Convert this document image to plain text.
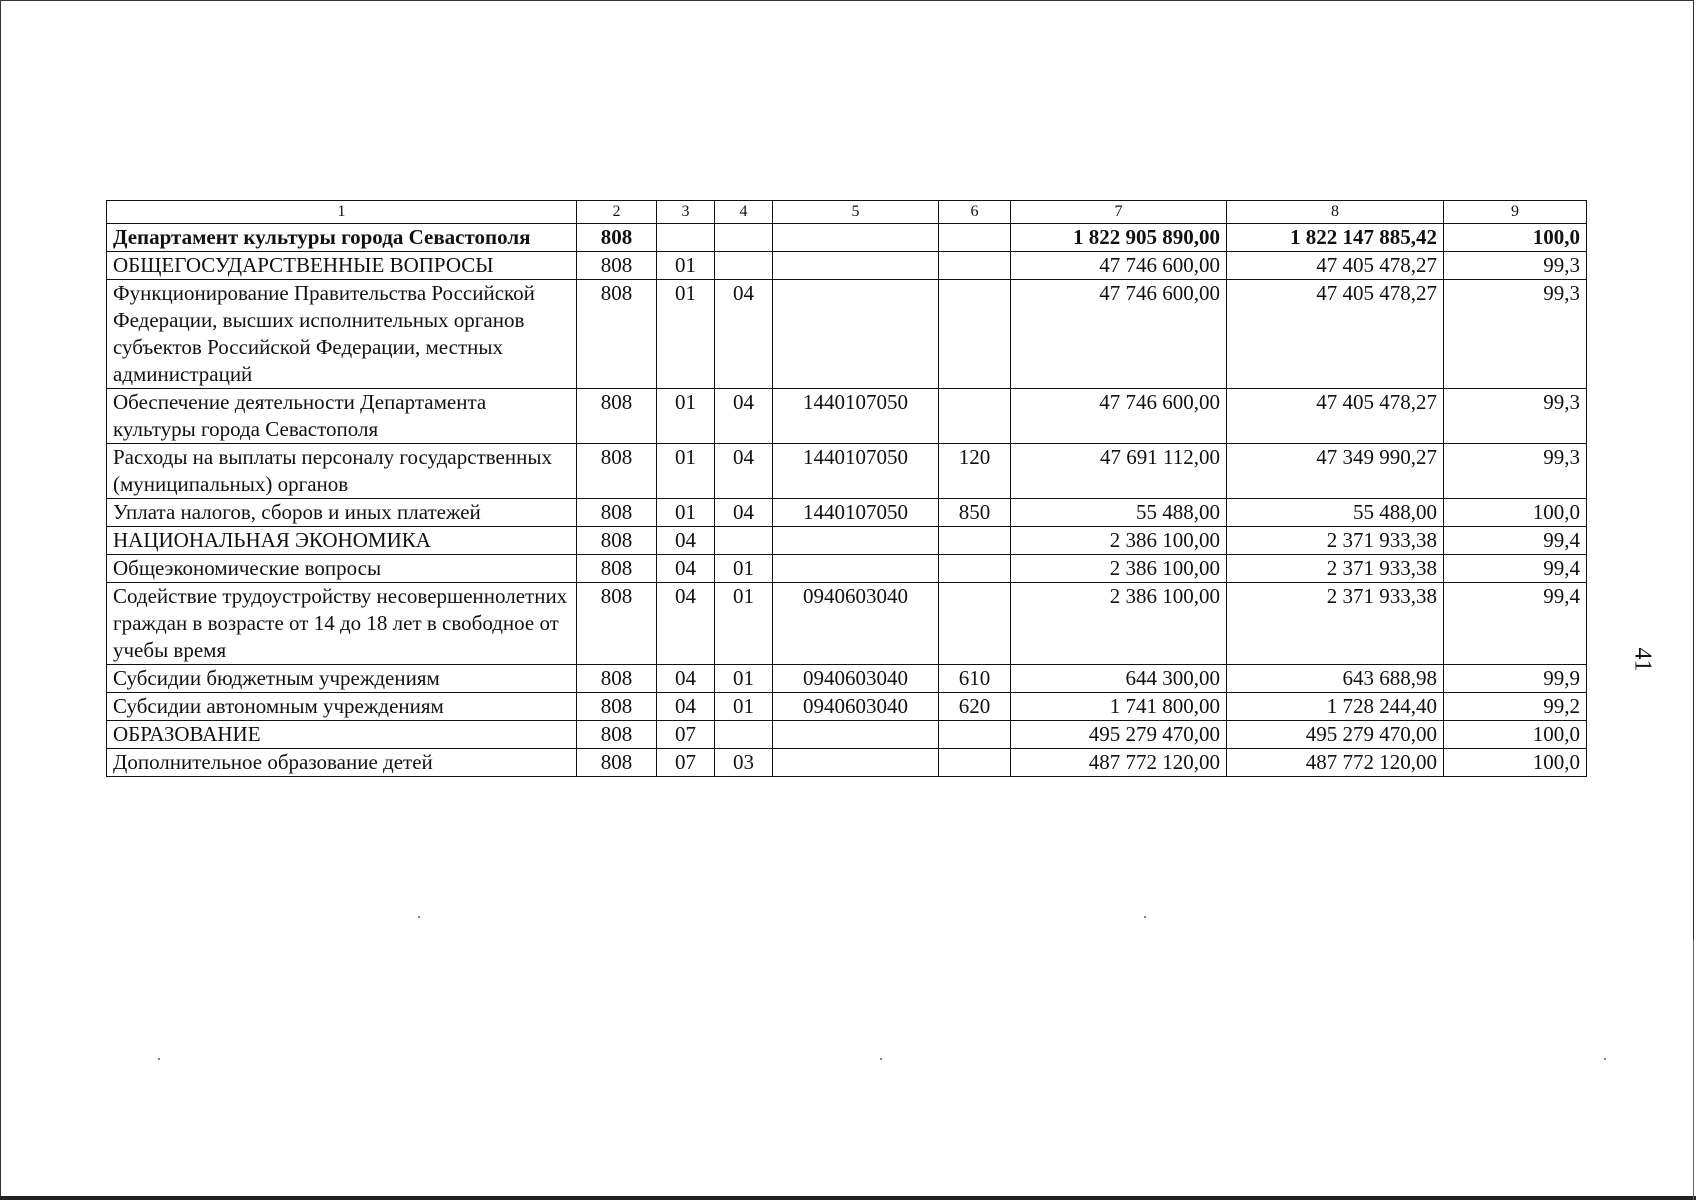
1	2	3	4	5	6	7	8	9
Департамент культуры города Севастополя	808					1 822 905 890,00	1 822 147 885,42	100,0
ОБЩЕГОСУДАРСТВЕННЫЕ ВОПРОСЫ	808	01				47 746 600,00	47 405 478,27	99,3
Функционирование Правительства Российской Федерации, высших исполнительных органов субъектов Российской Федерации, местных администраций	808	01	04			47 746 600,00	47 405 478,27	99,3
Обеспечение деятельности Департамента культуры города Севастополя	808	01	04	1440107050		47 746 600,00	47 405 478,27	99,3
Расходы на выплаты персоналу государственных (муниципальных) органов	808	01	04	1440107050	120	47 691 112,00	47 349 990,27	99,3
Уплата налогов, сборов и иных платежей	808	01	04	1440107050	850	55 488,00	55 488,00	100,0
НАЦИОНАЛЬНАЯ ЭКОНОМИКА	808	04				2 386 100,00	2 371 933,38	99,4
Общеэкономические вопросы	808	04	01			2 386 100,00	2 371 933,38	99,4
Содействие трудоустройству несовершеннолетних граждан в возрасте от 14 до 18 лет в свободное от учебы время	808	04	01	0940603040		2 386 100,00	2 371 933,38	99,4
Субсидии бюджетным учреждениям	808	04	01	0940603040	610	644 300,00	643 688,98	99,9
Субсидии автономным учреждениям	808	04	01	0940603040	620	1 741 800,00	1 728 244,40	99,2
ОБРАЗОВАНИЕ	808	07				495 279 470,00	495 279 470,00	100,0
Дополнительное образование детей	808	07	03			487 772 120,00	487 772 120,00	100,0
41
